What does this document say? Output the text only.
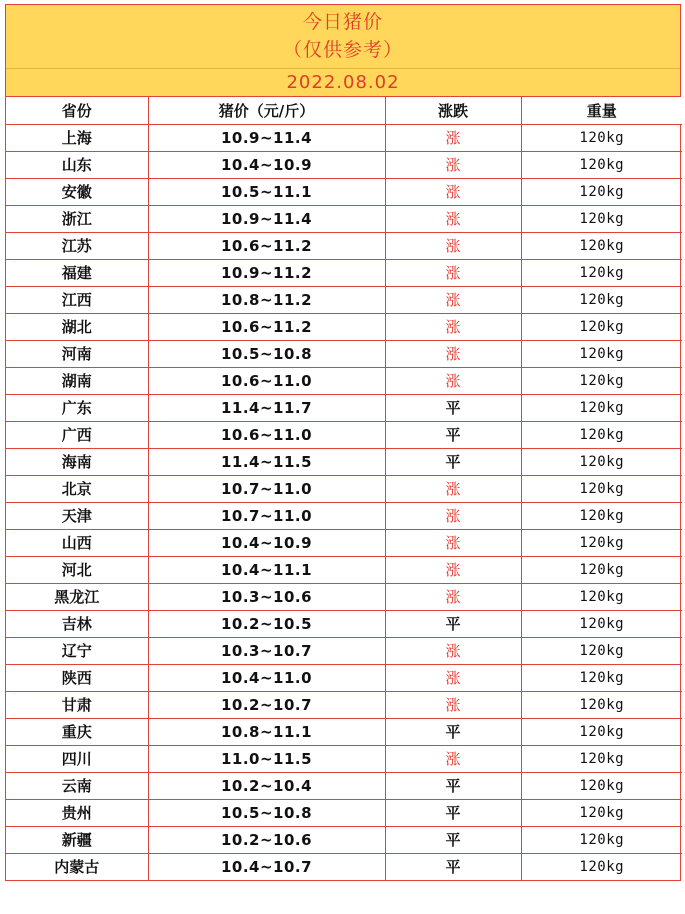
今日猪价
（仅供参考）
2022.08.02
省份	猪价（元/斤）	涨跌	重量
上海	10.9~11.4	涨	120kg
山东	10.4~10.9	涨	120kg
安徽	10.5~11.1	涨	120kg
浙江	10.9~11.4	涨	120kg
江苏	10.6~11.2	涨	120kg
福建	10.9~11.2	涨	120kg
江西	10.8~11.2	涨	120kg
湖北	10.6~11.2	涨	120kg
河南	10.5~10.8	涨	120kg
湖南	10.6~11.0	涨	120kg
广东	11.4~11.7	平	120kg
广西	10.6~11.0	平	120kg
海南	11.4~11.5	平	120kg
北京	10.7~11.0	涨	120kg
天津	10.7~11.0	涨	120kg
山西	10.4~10.9	涨	120kg
河北	10.4~11.1	涨	120kg
黑龙江	10.3~10.6	涨	120kg
吉林	10.2~10.5	平	120kg
辽宁	10.3~10.7	涨	120kg
陕西	10.4~11.0	涨	120kg
甘肃	10.2~10.7	涨	120kg
重庆	10.8~11.1	平	120kg
四川	11.0~11.5	涨	120kg
云南	10.2~10.4	平	120kg
贵州	10.5~10.8	平	120kg
新疆	10.2~10.6	平	120kg
内蒙古	10.4~10.7	平	120kg
